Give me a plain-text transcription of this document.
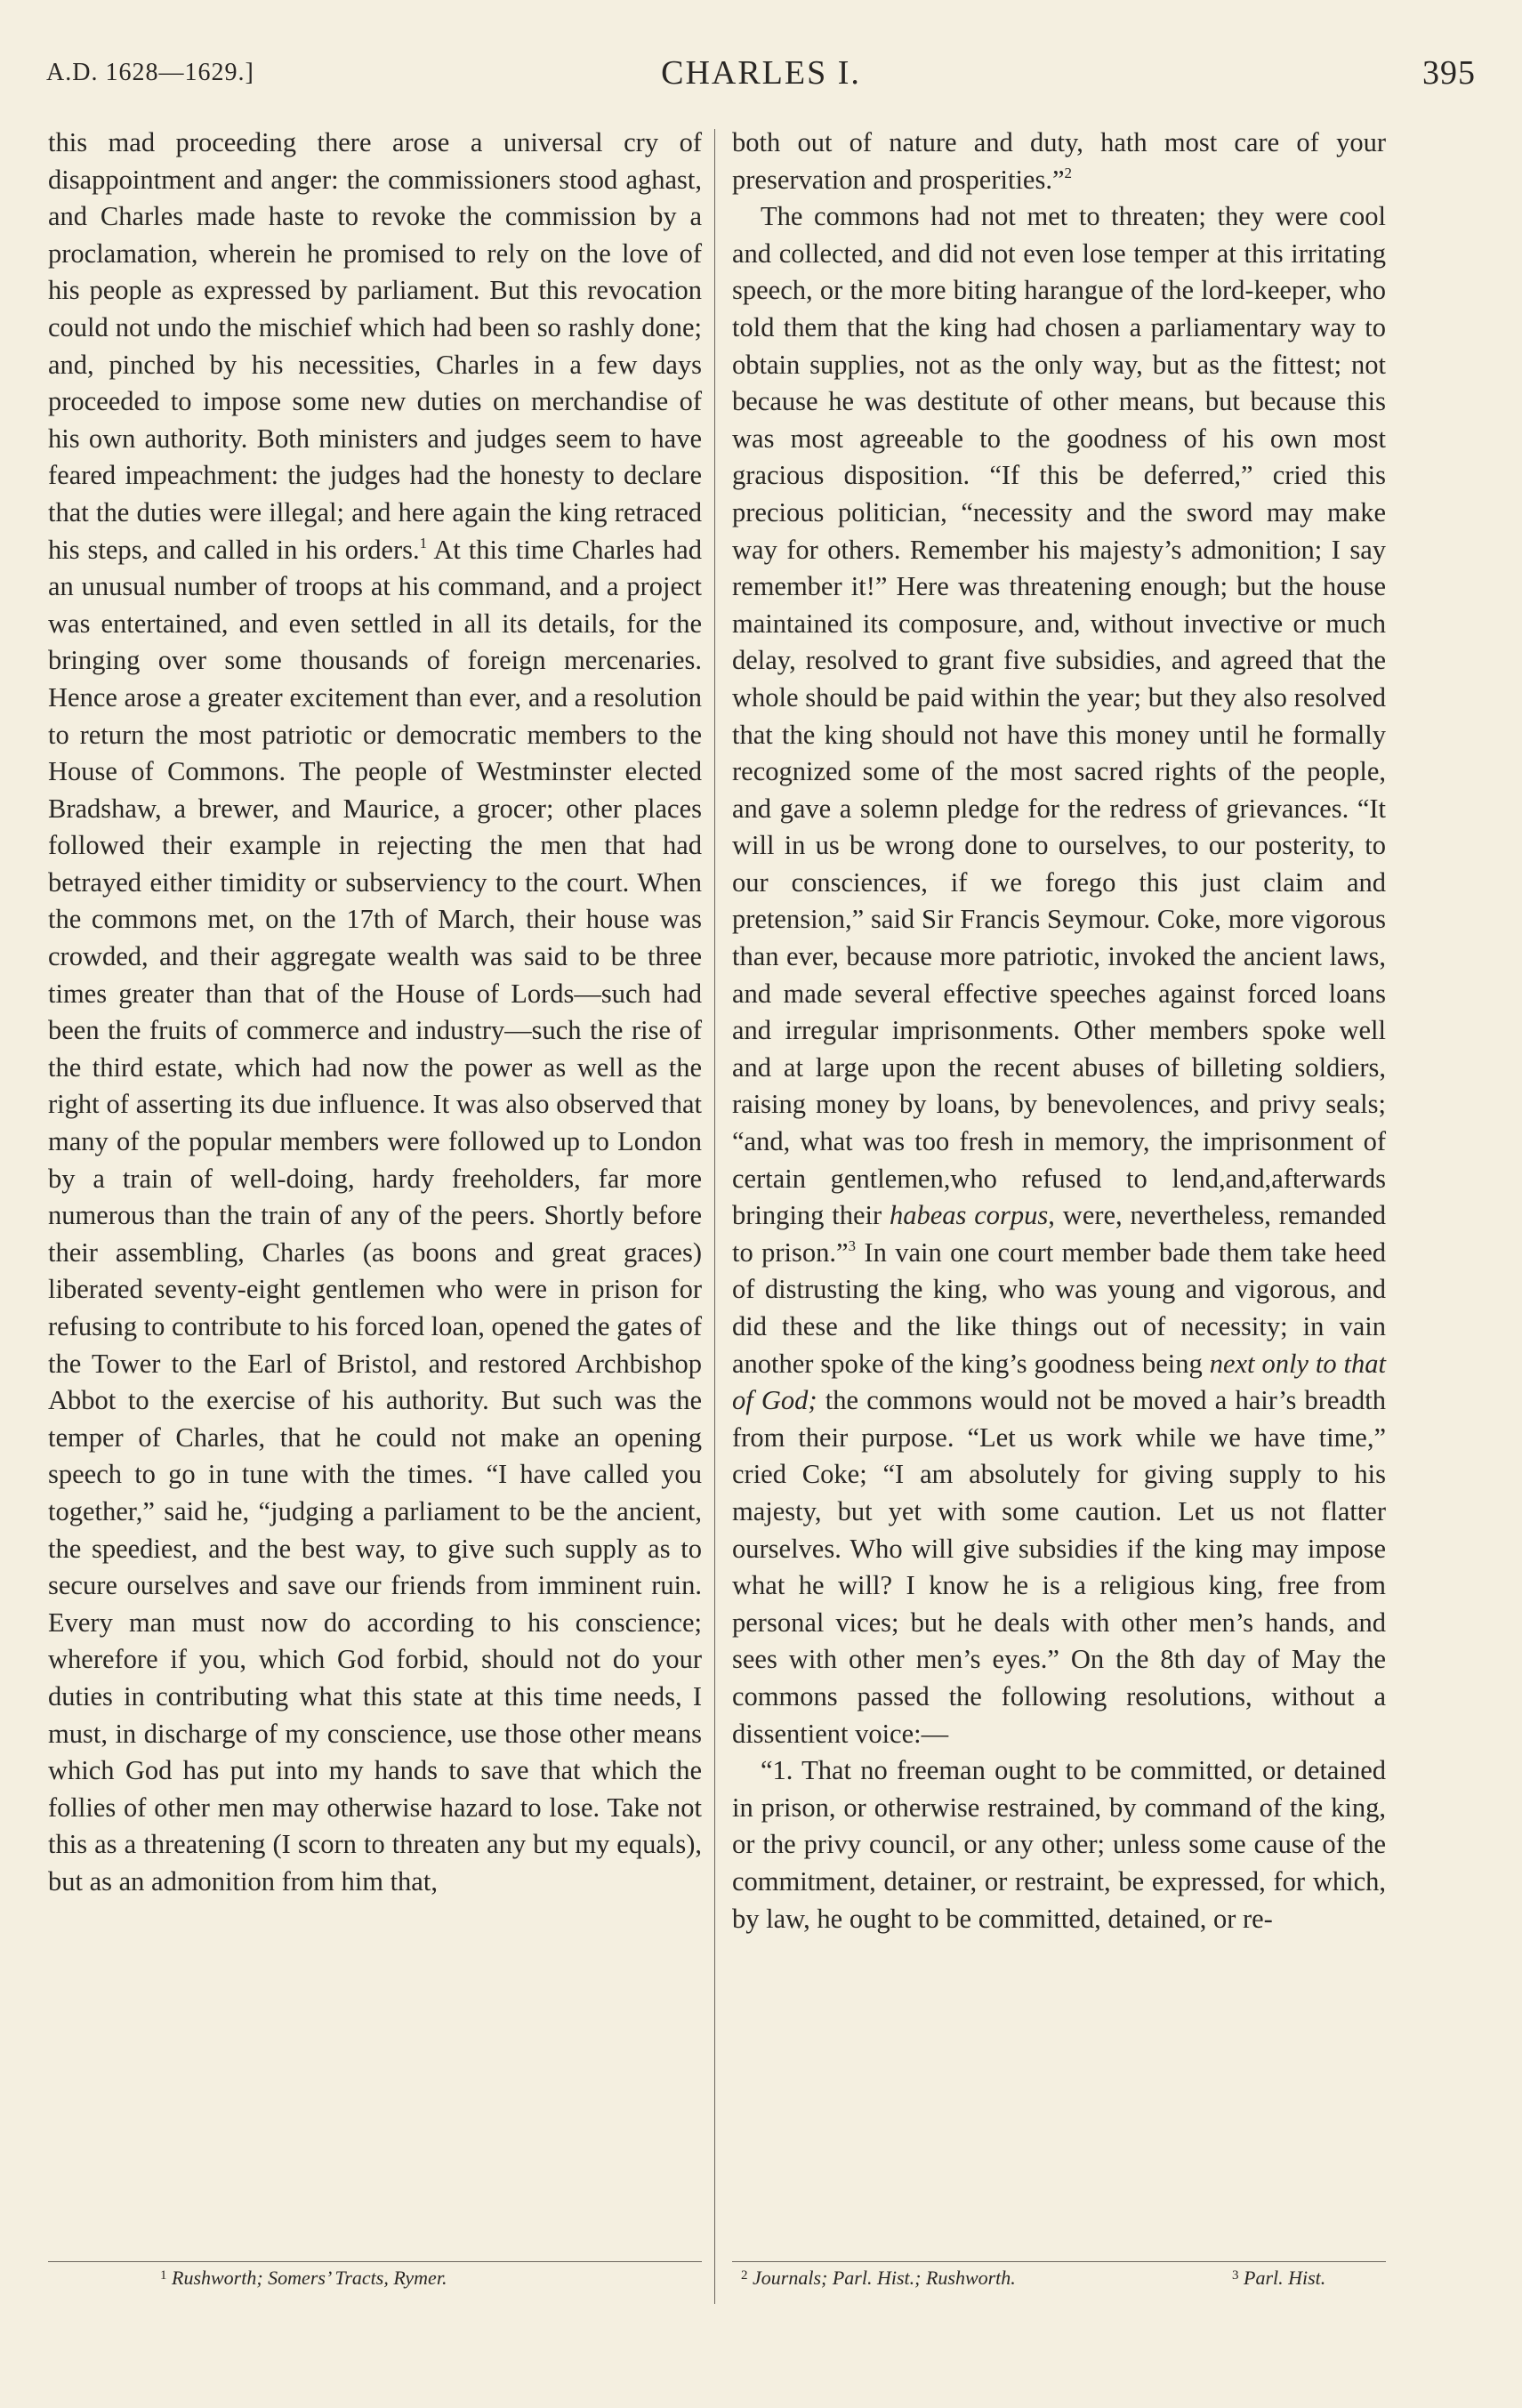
A.D. 1628—1629.]	CHARLES I.	395

this mad proceeding there arose a universal cry of disappointment and anger: the commissioners stood aghast, and Charles made haste to revoke the commission by a proclamation, wherein he promised to rely on the love of his people as expressed by parliament. But this revocation could not undo the mischief which had been so rashly done; and, pinched by his necessities, Charles in a few days proceeded to impose some new duties on merchandise of his own authority. Both ministers and judges seem to have feared impeachment: the judges had the honesty to declare that the duties were illegal; and here again the king retraced his steps, and called in his orders.$^1$ At this time Charles had an unusual number of troops at his command, and a project was entertained, and even settled in all its details, for the bringing over some thousands of foreign mercenaries. Hence arose a greater excitement than ever, and a resolution to return the most patriotic or democratic members to the House of Commons. The people of Westminster elected Bradshaw, a brewer, and Maurice, a grocer; other places followed their example in rejecting the men that had betrayed either timidity or subserviency to the court. When the commons met, on the 17th of March, their house was crowded, and their aggregate wealth was said to be three times greater than that of the House of Lords—such had been the fruits of commerce and industry—such the rise of the third estate, which had now the power as well as the right of asserting its due influence. It was also observed that many of the popular members were followed up to London by a train of well-doing, hardy freeholders, far more numerous than the train of any of the peers. Shortly before their assembling, Charles (as boons and great graces) liberated seventy-eight gentlemen who were in prison for refusing to contribute to his forced loan, opened the gates of the Tower to the Earl of Bristol, and restored Archbishop Abbot to the exercise of his authority. But such was the temper of Charles, that he could not make an opening speech to go in tune with the times. “I have called you together,” said he, “judging a parliament to be the ancient, the speediest, and the best way, to give such supply as to secure ourselves and save our friends from imminent ruin. Every man must now do according to his conscience; wherefore if you, which God forbid, should not do your duties in contributing what this state at this time needs, I must, in discharge of my conscience, use those other means which God has put into my hands to save that which the follies of other men may otherwise hazard to lose. Take not this as a threatening (I scorn to threaten any but my equals), but as an admonition from him that,

both out of nature and duty, hath most care of your preservation and prosperities.”$^2$

The commons had not met to threaten; they were cool and collected, and did not even lose temper at this irritating speech, or the more biting harangue of the lord-keeper, who told them that the king had chosen a parliamentary way to obtain supplies, not as the only way, but as the fittest; not because he was destitute of other means, but because this was most agreeable to the goodness of his own most gracious disposition. “If this be deferred,” cried this precious politician, “necessity and the sword may make way for others. Remember his majesty’s admonition; I say remember it!” Here was threatening enough; but the house maintained its composure, and, without invective or much delay, resolved to grant five subsidies, and agreed that the whole should be paid within the year; but they also resolved that the king should not have this money until he formally recognized some of the most sacred rights of the people, and gave a solemn pledge for the redress of grievances. “It will in us be wrong done to ourselves, to our posterity, to our consciences, if we forego this just claim and pretension,” said Sir Francis Seymour. Coke, more vigorous than ever, because more patriotic, invoked the ancient laws, and made several effective speeches against forced loans and irregular imprisonments. Other members spoke well and at large upon the recent abuses of billeting soldiers, raising money by loans, by benevolences, and privy seals; “and, what was too fresh in memory, the imprisonment of certain gentlemen,who refused to lend,and,afterwards bringing their habeas corpus, were, nevertheless, remanded to prison.”$^3$ In vain one court member bade them take heed of distrusting the king, who was young and vigorous, and did these and the like things out of necessity; in vain another spoke of the king’s goodness being next only to that of God; the commons would not be moved a hair’s breadth from their purpose. “Let us work while we have time,” cried Coke; “I am absolutely for giving supply to his majesty, but yet with some caution. Let us not flatter ourselves. Who will give subsidies if the king may impose what he will? I know he is a religious king, free from personal vices; but he deals with other men’s hands, and sees with other men’s eyes.” On the 8th day of May the commons passed the following resolutions, without a dissentient voice:—

“1. That no freeman ought to be committed, or detained in prison, or otherwise restrained, by command of the king, or the privy council, or any other; unless some cause of the commitment, detainer, or restraint, be expressed, for which, by law, he ought to be committed, detained, or re-

$^1$ Rushworth; Somers’ Tracts, Rymer.	$^2$ Journals; Parl. Hist.; Rushworth.	$^3$ Parl. Hist.
